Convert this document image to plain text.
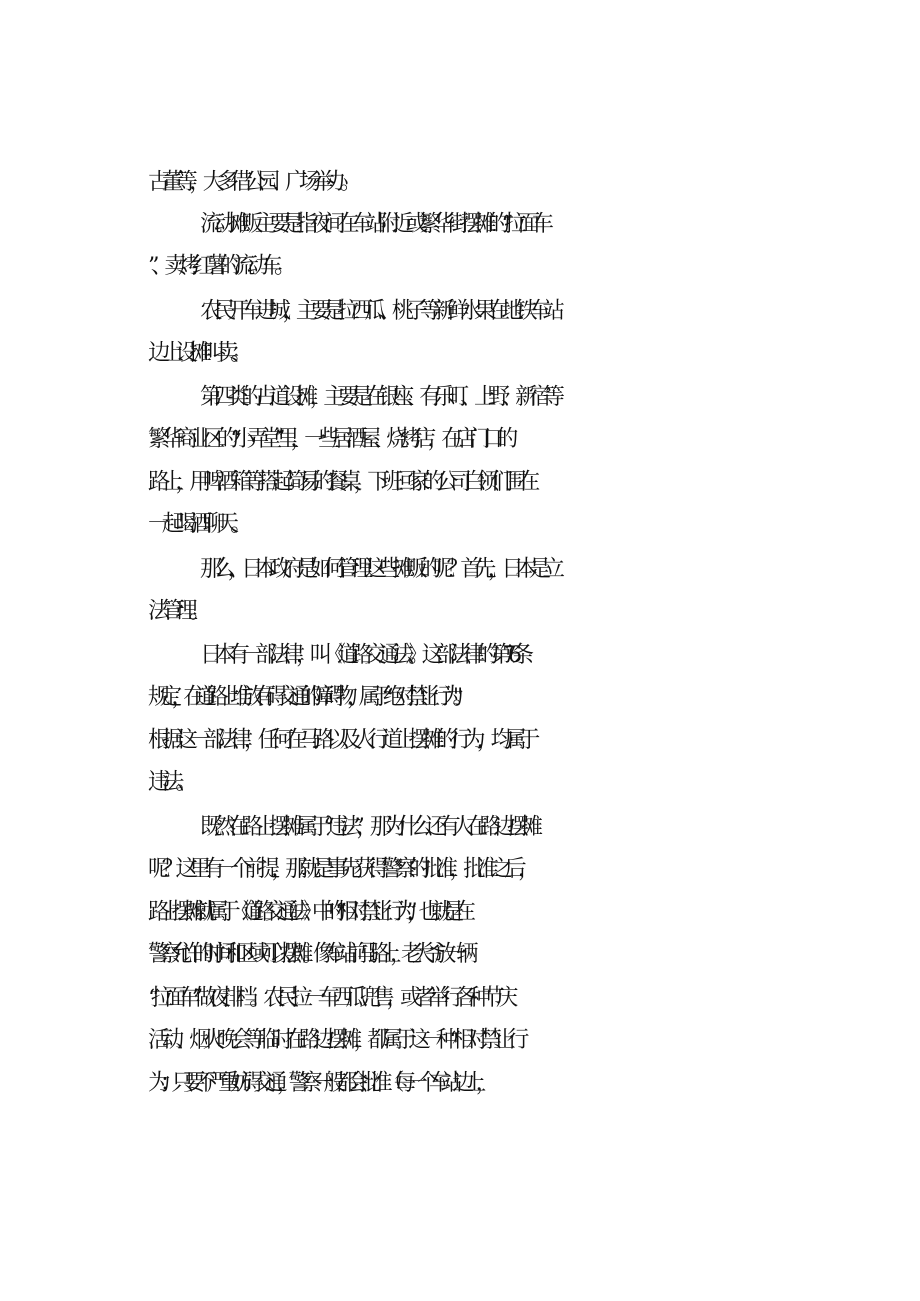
古董等，大多借公园、广场举办。
流动摊贩主要是指夜间在车站附近或繁华街摆摊的“拉面车
”、卖烤红薯的流动车。
农民开车进城，主要是拉西瓜、桃子等新鲜水果在地铁车站
边上设摊叫卖。
第四类的占道设摊，主要是在银座、有乐町、上野、新宿等
繁华商业区的“小弄堂”里，一些居酒屋、烧烤店，在店门口的
路上，用啤酒箱等搭起简易的餐桌，下班回家的公司白领们围在
一起喝酒聊天。
那么，日本政府是如何管理这些摊贩的呢？首先，日本是立
法管理。
日本有一部法律，叫《道路交通法》。这部法律的第 76 条
规定，在道路上堆放有碍交通的障碍物，属于“绝对禁止行为"。
根据这一部法律，任何在马路以及人行道上摆摊的行为，均属于
违法。
既然在路上摆摊属于“违法”，那为什么还有人在路边摆摊
呢？这里有一个前提，那就是事先获得警察的批准，批准之后，
路上摆摊就属于《道路交通法》中的“相对禁止行为”，也就是在
警察允许的时间和区域可以摆摊。像车站前马路上，老大爷放一辆
“拉面车”做夜排档。农民拉一车西瓜兜售，或者举行各种节庆
活动、烟火晚会等临时在路边摆摊，都属于这一种“相对禁止行
为：只要不严重妨碍交通，警察一般都会批准（每一个车站边上，
